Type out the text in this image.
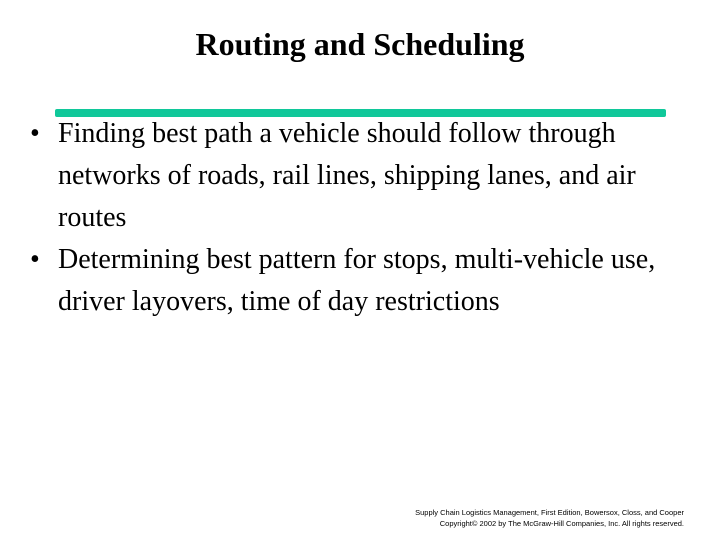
Routing and Scheduling
• Finding best path a vehicle should follow through networks of roads, rail lines, shipping lanes, and air routes
• Determining best pattern for stops, multi-vehicle use, driver layovers, time of day restrictions
Supply Chain Logistics Management, First Edition, Bowersox, Closs, and Cooper
Copyright© 2002 by The McGraw-Hill Companies, Inc. All rights reserved.
